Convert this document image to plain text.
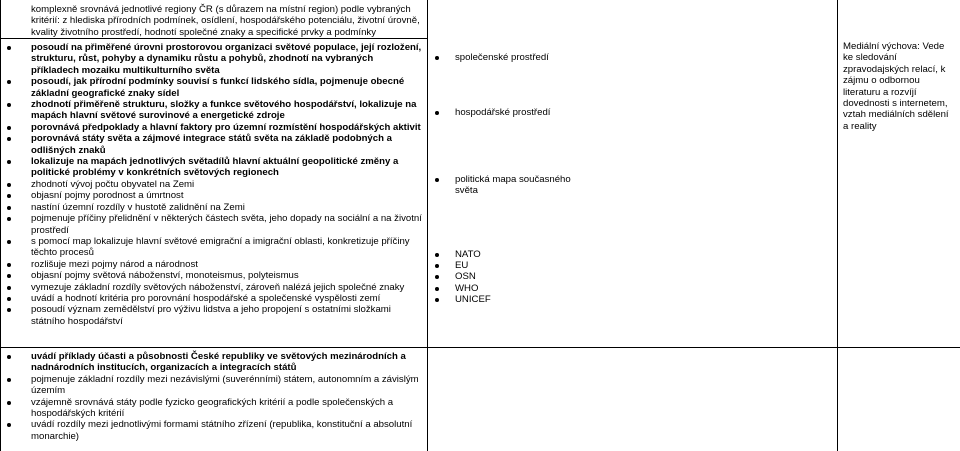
komplexně srovnává jednotlivé regiony ČR (s důrazem na místní region) podle vybraných kritérií: z hlediska přírodních podmínek, osídlení, hospodářského potenciálu, životní úrovně, kvality životního prostředí, hodnotí společné znaky a specifické prvky a podmínky
posoudí na přiměřené úrovni prostorovou organizaci světové populace, její rozložení, strukturu, růst, pohyby a dynamiku růstu a pohybů, zhodnotí na vybraných příkladech mozaiku multikulturního světa
posoudí, jak přírodní podmínky souvisí s funkcí lidského sídla, pojmenuje obecné základní geografické znaky sídel
zhodnotí přiměřeně strukturu, složky a funkce světového hospodářství, lokalizuje na mapách hlavní světové surovinové a energetické zdroje
porovnává předpoklady a hlavní faktory pro územní rozmístění hospodářských aktivit
porovnává státy světa a zájmové integrace států světa na základě podobných a odlišných znaků
lokalizuje na mapách jednotlivých světadílů hlavní aktuální geopolitické změny a politické problémy v konkrétních světových regionech
zhodnotí vývoj počtu obyvatel na Zemi
objasní pojmy porodnost a úmrtnost
nastíní územní rozdíly v hustotě zalidnění na Zemi
pojmenuje příčiny přelidnění v některých částech světa, jeho dopady na sociální a na životní prostředí
s pomocí map lokalizuje hlavní světové emigrační a imigrační oblasti, konkretizuje příčiny těchto procesů
rozlišuje mezi pojmy národ a národnost
objasní pojmy světová náboženství, monoteismus, polyteismus
vymezuje základní rozdíly světových náboženství, zároveň nalézá jejich společné znaky
uvádí a hodnotí kritéria pro porovnání hospodářské a společenské vyspělosti zemí
posoudí význam zemědělství pro výživu lidstva a jeho propojení s ostatními složkami státního hospodářství
společenské prostředí
hospodářské prostředí
politická mapa současného světa
NATO
EU
OSN
WHO
UNICEF
Mediální výchova: Vede ke sledování zpravodajských relací, k zájmu o odbornou literaturu a rozvíjí dovednosti s internetem, vztah mediálních sdělení a reality
uvádí příklady účasti a působnosti České republiky ve světových mezinárodních a nadnárodních institucích, organizacích a integracích států
pojmenuje základní rozdíly mezi nezávislými (suverénními) státem, autonomním a závislým územím
vzájemně srovnává státy podle fyzicko geografických kritérií a podle společenských a hospodářských kritérií
uvádí rozdíly mezi jednotlivými formami státního zřízení (republika, konstituční a absolutní monarchie)
